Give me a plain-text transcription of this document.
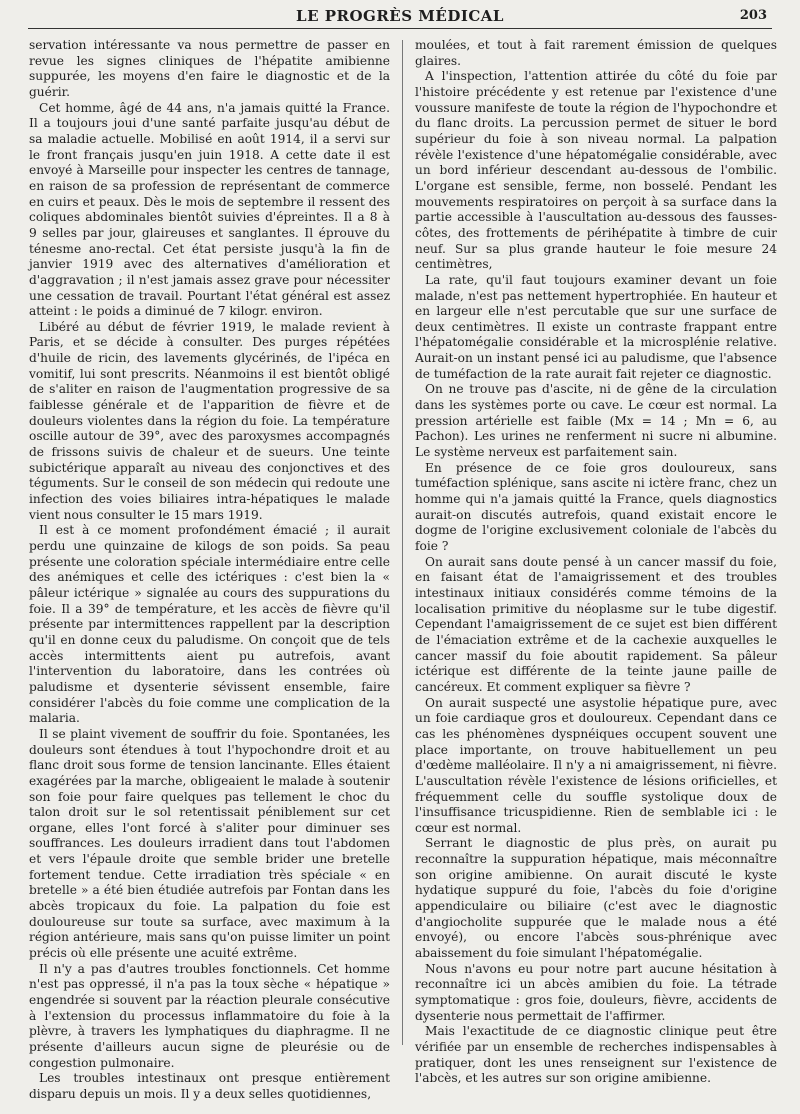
LE PROGRÈS MÉDICAL	203

servation intéressante va nous permettre de passer en revue les signes cliniques de l'hépatite amibienne suppurée, les moyens d'en faire le diagnostic et de la guérir.

Cet homme, âgé de 44 ans, n'a jamais quitté la France. Il a toujours joui d'une santé parfaite jusqu'au début de sa maladie actuelle. Mobilisé en août 1914, il a servi sur le front français jusqu'en juin 1918. A cette date il est envoyé à Marseille pour inspecter les centres de tannage, en raison de sa profession de représentant de commerce en cuirs et peaux. Dès le mois de septembre il ressent des coliques abdominales bientôt suivies d'épreintes. Il a 8 à 9 selles par jour, glaireuses et sanglantes. Il éprouve du ténesme ano-rectal. Cet état persiste jusqu'à la fin de janvier 1919 avec des alternatives d'amélioration et d'aggravation ; il n'est jamais assez grave pour nécessiter une cessation de travail. Pourtant l'état général est assez atteint : le poids a diminué de 7 kilogr. environ.

Libéré au début de février 1919, le malade revient à Paris, et se décide à consulter. Des purges répétées d'huile de ricin, des lavements glycérinés, de l'ipéca en vomitif, lui sont prescrits. Néanmoins il est bientôt obligé de s'aliter en raison de l'augmentation progressive de sa faiblesse générale et de l'apparition de fièvre et de douleurs violentes dans la région du foie. La température oscille autour de 39°, avec des paroxysmes accompagnés de frissons suivis de chaleur et de sueurs. Une teinte subictérique apparaît au niveau des conjonctives et des téguments. Sur le conseil de son médecin qui redoute une infection des voies biliaires intra-hépatiques le malade vient nous consulter le 15 mars 1919.

Il est à ce moment profondément émacié ; il aurait perdu une quinzaine de kilogs de son poids. Sa peau présente une coloration spéciale intermédiaire entre celle des anémiques et celle des ictériques : c'est bien la « pâleur ictérique » signalée au cours des suppurations du foie. Il a 39° de température, et les accès de fièvre qu'il présente par intermittences rappellent par la description qu'il en donne ceux du paludisme. On conçoit que de tels accès intermittents aient pu autrefois, avant l'intervention du laboratoire, dans les contrées où paludisme et dysenterie sévissent ensemble, faire considérer l'abcès du foie comme une complication de la malaria.

Il se plaint vivement de souffrir du foie. Spontanées, les douleurs sont étendues à tout l'hypochondre droit et au flanc droit sous forme de tension lancinante. Elles étaient exagérées par la marche, obligeaient le malade à soutenir son foie pour faire quelques pas tellement le choc du talon droit sur le sol retentissait péniblement sur cet organe, elles l'ont forcé à s'aliter pour diminuer ses souffrances. Les douleurs irradient dans tout l'abdomen et vers l'épaule droite que semble brider une bretelle fortement tendue. Cette irradiation très spéciale « en bretelle » a été bien étudiée autrefois par Fontan dans les abcès tropicaux du foie. La palpation du foie est douloureuse sur toute sa surface, avec maximum à la région antérieure, mais sans qu'on puisse limiter un point précis où elle présente une acuité extrême.

Il n'y a pas d'autres troubles fonctionnels. Cet homme n'est pas oppressé, il n'a pas la toux sèche « hépatique » engendrée si souvent par la réaction pleurale consécutive à l'extension du processus inflammatoire du foie à la plèvre, à travers les lymphatiques du diaphragme. Il ne présente d'ailleurs aucun signe de pleurésie ou de congestion pulmonaire.

Les troubles intestinaux ont presque entièrement disparu depuis un mois. Il y a deux selles quotidiennes,

moulées, et tout à fait rarement émission de quelques glaires.

A l'inspection, l'attention attirée du côté du foie par l'histoire précédente y est retenue par l'existence d'une voussure manifeste de toute la région de l'hypochondre et du flanc droits. La percussion permet de situer le bord supérieur du foie à son niveau normal. La palpation révèle l'existence d'une hépatomégalie considérable, avec un bord inférieur descendant au-dessous de l'ombilic. L'organe est sensible, ferme, non bosselé. Pendant les mouvements respiratoires on perçoit à sa surface dans la partie accessible à l'auscultation au-dessous des fausses-côtes, des frottements de périhépatite à timbre de cuir neuf. Sur sa plus grande hauteur le foie mesure 24 centimètres,

La rate, qu'il faut toujours examiner devant un foie malade, n'est pas nettement hypertrophiée. En hauteur et en largeur elle n'est percutable que sur une surface de deux centimètres. Il existe un contraste frappant entre l'hépatomégalie considérable et la microsplénie relative. Aurait-on un instant pensé ici au paludisme, que l'absence de tuméfaction de la rate aurait fait rejeter ce diagnostic.

On ne trouve pas d'ascite, ni de gêne de la circulation dans les systèmes porte ou cave. Le cœur est normal. La pression artérielle est faible (Mx = 14 ; Mn = 6, au Pachon). Les urines ne renferment ni sucre ni albumine. Le système nerveux est parfaitement sain.

En présence de ce foie gros douloureux, sans tuméfaction splénique, sans ascite ni ictère franc, chez un homme qui n'a jamais quitté la France, quels diagnostics aurait-on discutés autrefois, quand existait encore le dogme de l'origine exclusivement coloniale de l'abcès du foie ?

On aurait sans doute pensé à un cancer massif du foie, en faisant état de l'amaigrissement et des troubles intestinaux initiaux considérés comme témoins de la localisation primitive du néoplasme sur le tube digestif. Cependant l'amaigrissement de ce sujet est bien différent de l'émaciation extrême et de la cachexie auxquelles le cancer massif du foie aboutit rapidement. Sa pâleur ictérique est différente de la teinte jaune paille de cancéreux. Et comment expliquer sa fièvre ?

On aurait suspecté une asystolie hépatique pure, avec un foie cardiaque gros et douloureux. Cependant dans ce cas les phénomènes dyspnéiques occupent souvent une place importante, on trouve habituellement un peu d'œdème malléolaire. Il n'y a ni amaigrissement, ni fièvre. L'auscultation révèle l'existence de lésions orificielles, et fréquemment celle du souffle systolique doux de l'insuffisance tricuspidienne. Rien de semblable ici : le cœur est normal.

Serrant le diagnostic de plus près, on aurait pu reconnaître la suppuration hépatique, mais méconnaître son origine amibienne. On aurait discuté le kyste hydatique suppuré du foie, l'abcès du foie d'origine appendiculaire ou biliaire (c'est avec le diagnostic d'angiocholite suppurée que le malade nous a été envoyé), ou encore l'abcès sous-phrénique avec abaissement du foie simulant l'hépatomégalie.

Nous n'avons eu pour notre part aucune hésitation à reconnaître ici un abcès amibien du foie. La tétrade symptomatique : gros foie, douleurs, fièvre, accidents de dysenterie nous permettait de l'affirmer.

Mais l'exactitude de ce diagnostic clinique peut être vérifiée par un ensemble de recherches indispensables à pratiquer, dont les unes renseignent sur l'existence de l'abcès, et les autres sur son origine amibienne.
